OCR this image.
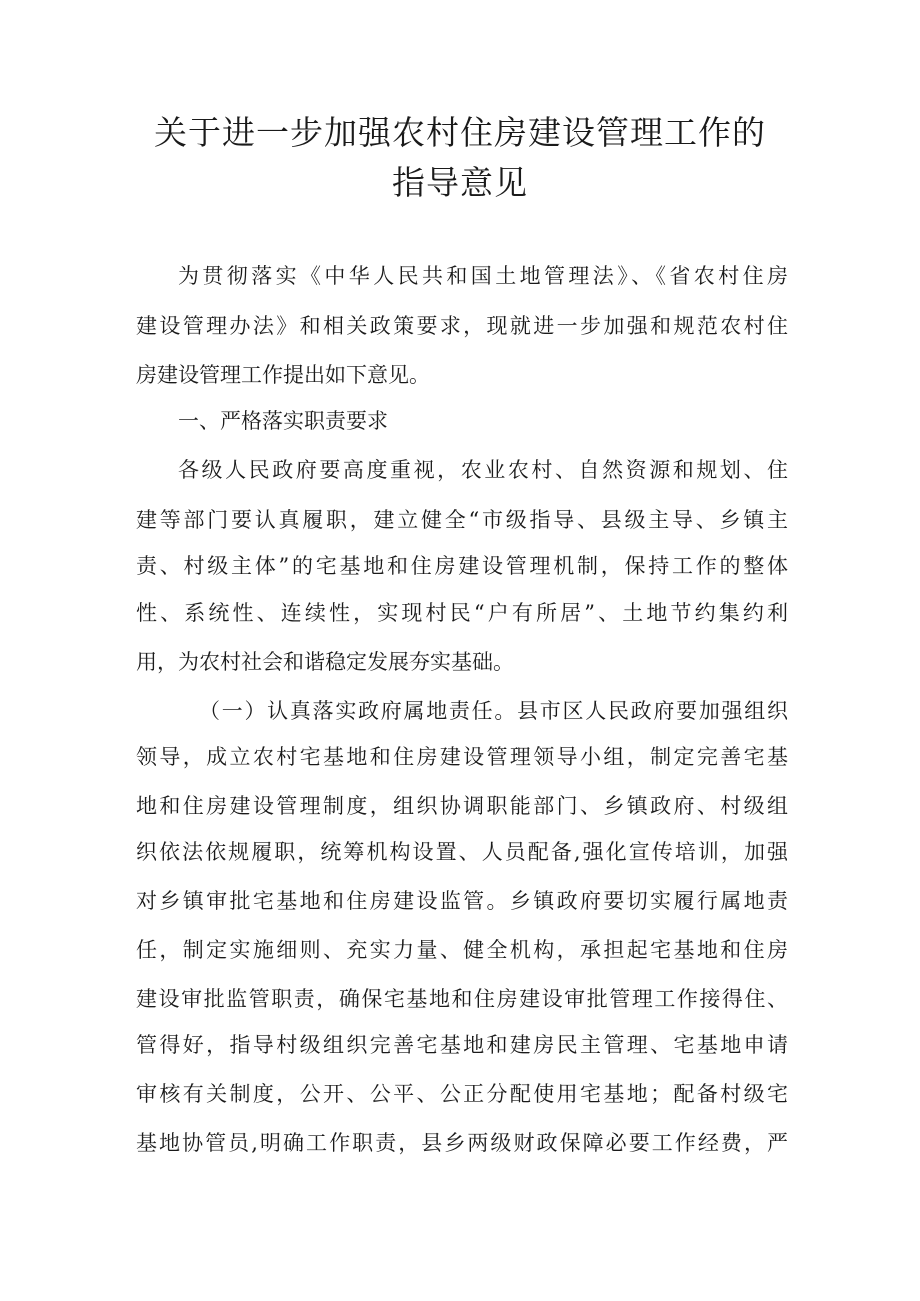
关于进一步加强农村住房建设管理工作的
指导意见
为贯彻落实《中华人民共和国土地管理法》、《省农村住房
建设管理办法》和相关政策要求，现就进一步加强和规范农村住
房建设管理工作提出如下意见。
一、严格落实职责要求
各级人民政府要高度重视，农业农村、自然资源和规划、住
建等部门要认真履职，建立健全“市级指导、县级主导、乡镇主
责、村级主体”的宅基地和住房建设管理机制，保持工作的整体
性、系统性、连续性，实现村民“户有所居”、土地节约集约利
用，为农村社会和谐稳定发展夯实基础。
（一）认真落实政府属地责任。县市区人民政府要加强组织
领导，成立农村宅基地和住房建设管理领导小组，制定完善宅基
地和住房建设管理制度，组织协调职能部门、乡镇政府、村级组
织依法依规履职，统筹机构设置、人员配备,强化宣传培训，加强
对乡镇审批宅基地和住房建设监管。乡镇政府要切实履行属地责
任，制定实施细则、充实力量、健全机构，承担起宅基地和住房
建设审批监管职责，确保宅基地和住房建设审批管理工作接得住、
管得好，指导村级组织完善宅基地和建房民主管理、宅基地申请
审核有关制度，公开、公平、公正分配使用宅基地；配备村级宅
基地协管员,明确工作职责，县乡两级财政保障必要工作经费，严
